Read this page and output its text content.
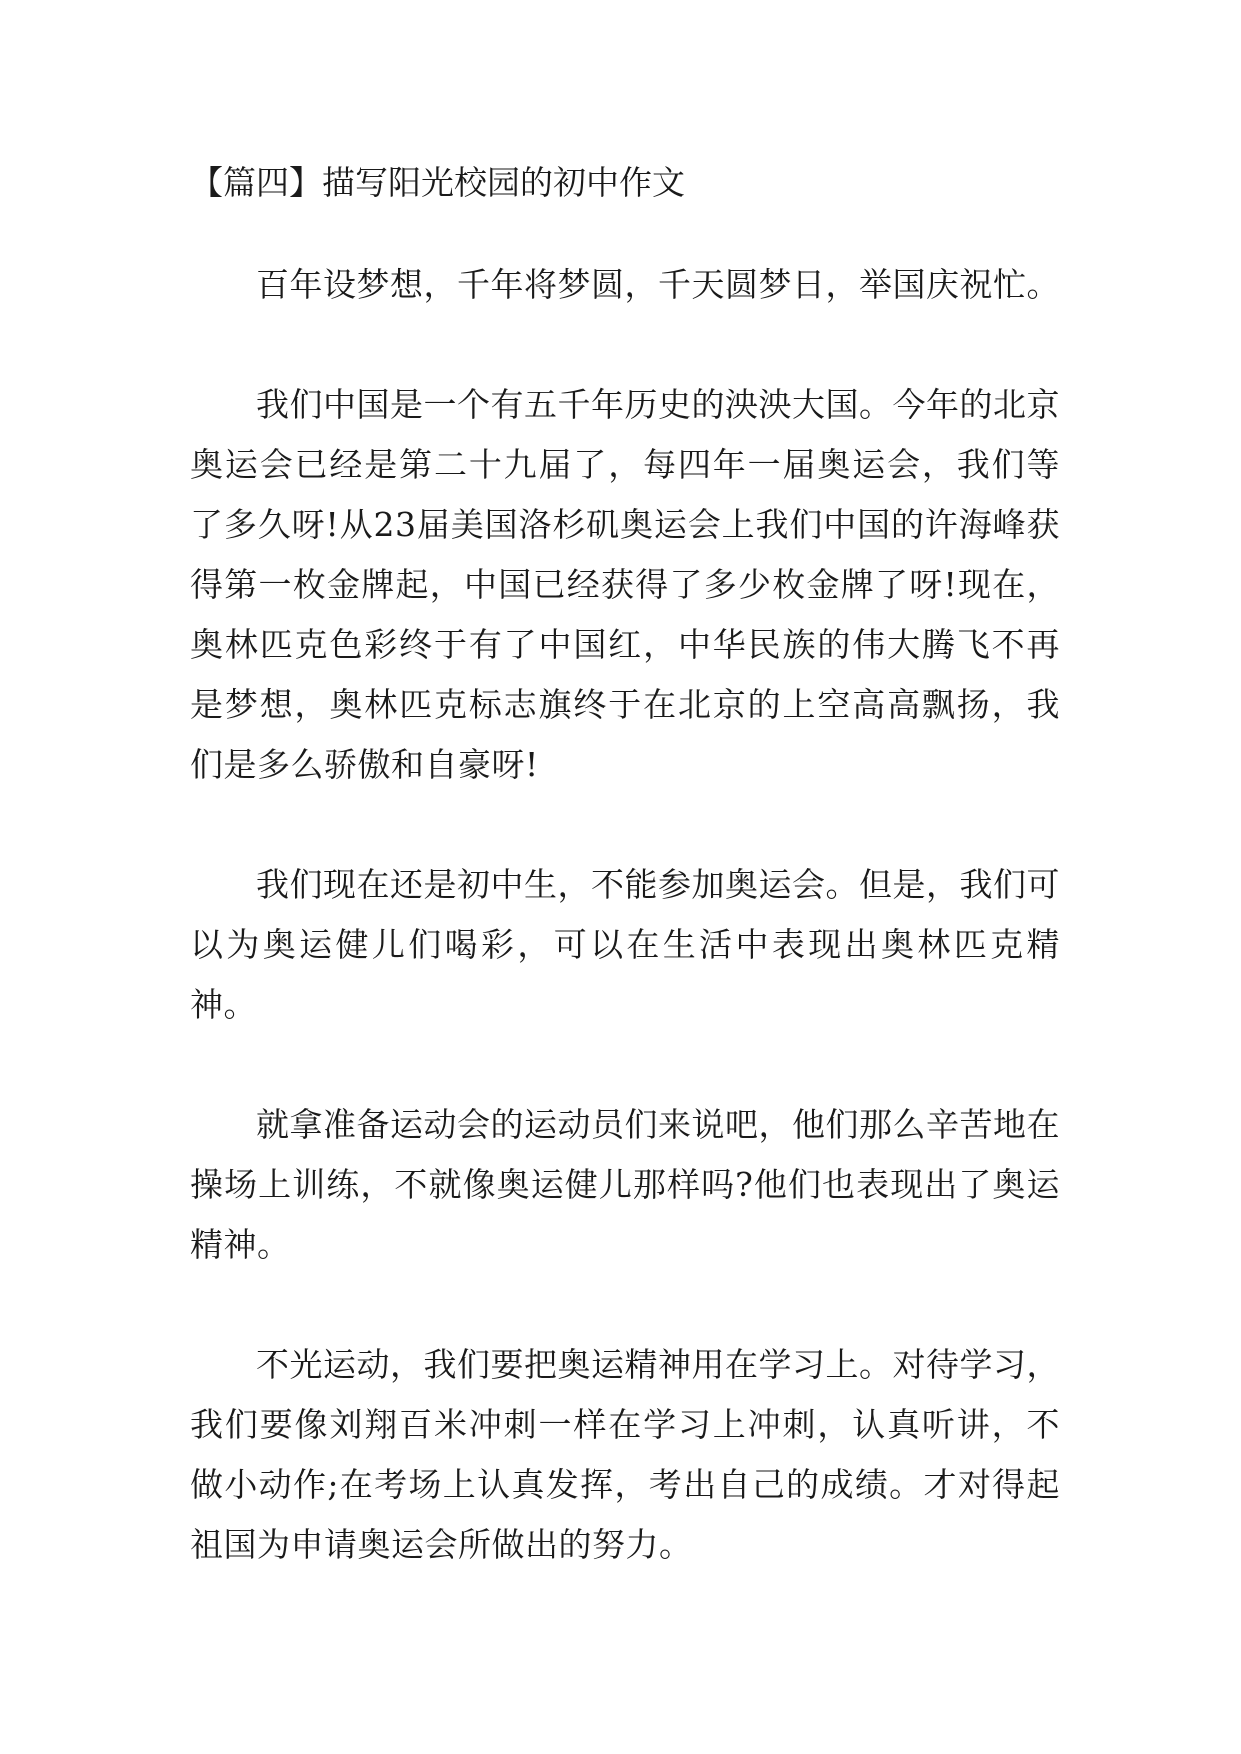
【篇四】描写阳光校园的初中作文

百年设梦想，千年将梦圆，千天圆梦日，举国庆祝忙。

我们中国是一个有五千年历史的泱泱大国。今年的北京奥运会已经是第二十九届了，每四年一届奥运会，我们等了多久呀!从23届美国洛杉矶奥运会上我们中国的许海峰获得第一枚金牌起，中国已经获得了多少枚金牌了呀!现在，奥林匹克色彩终于有了中国红，中华民族的伟大腾飞不再是梦想，奥林匹克标志旗终于在北京的上空高高飘扬，我们是多么骄傲和自豪呀!

我们现在还是初中生，不能参加奥运会。但是，我们可以为奥运健儿们喝彩，可以在生活中表现出奥林匹克精神。

就拿准备运动会的运动员们来说吧，他们那么辛苦地在操场上训练，不就像奥运健儿那样吗?他们也表现出了奥运精神。

不光运动，我们要把奥运精神用在学习上。对待学习，我们要像刘翔百米冲刺一样在学习上冲刺，认真听讲，不做小动作;在考场上认真发挥，考出自己的成绩。才对得起祖国为申请奥运会所做出的努力。
